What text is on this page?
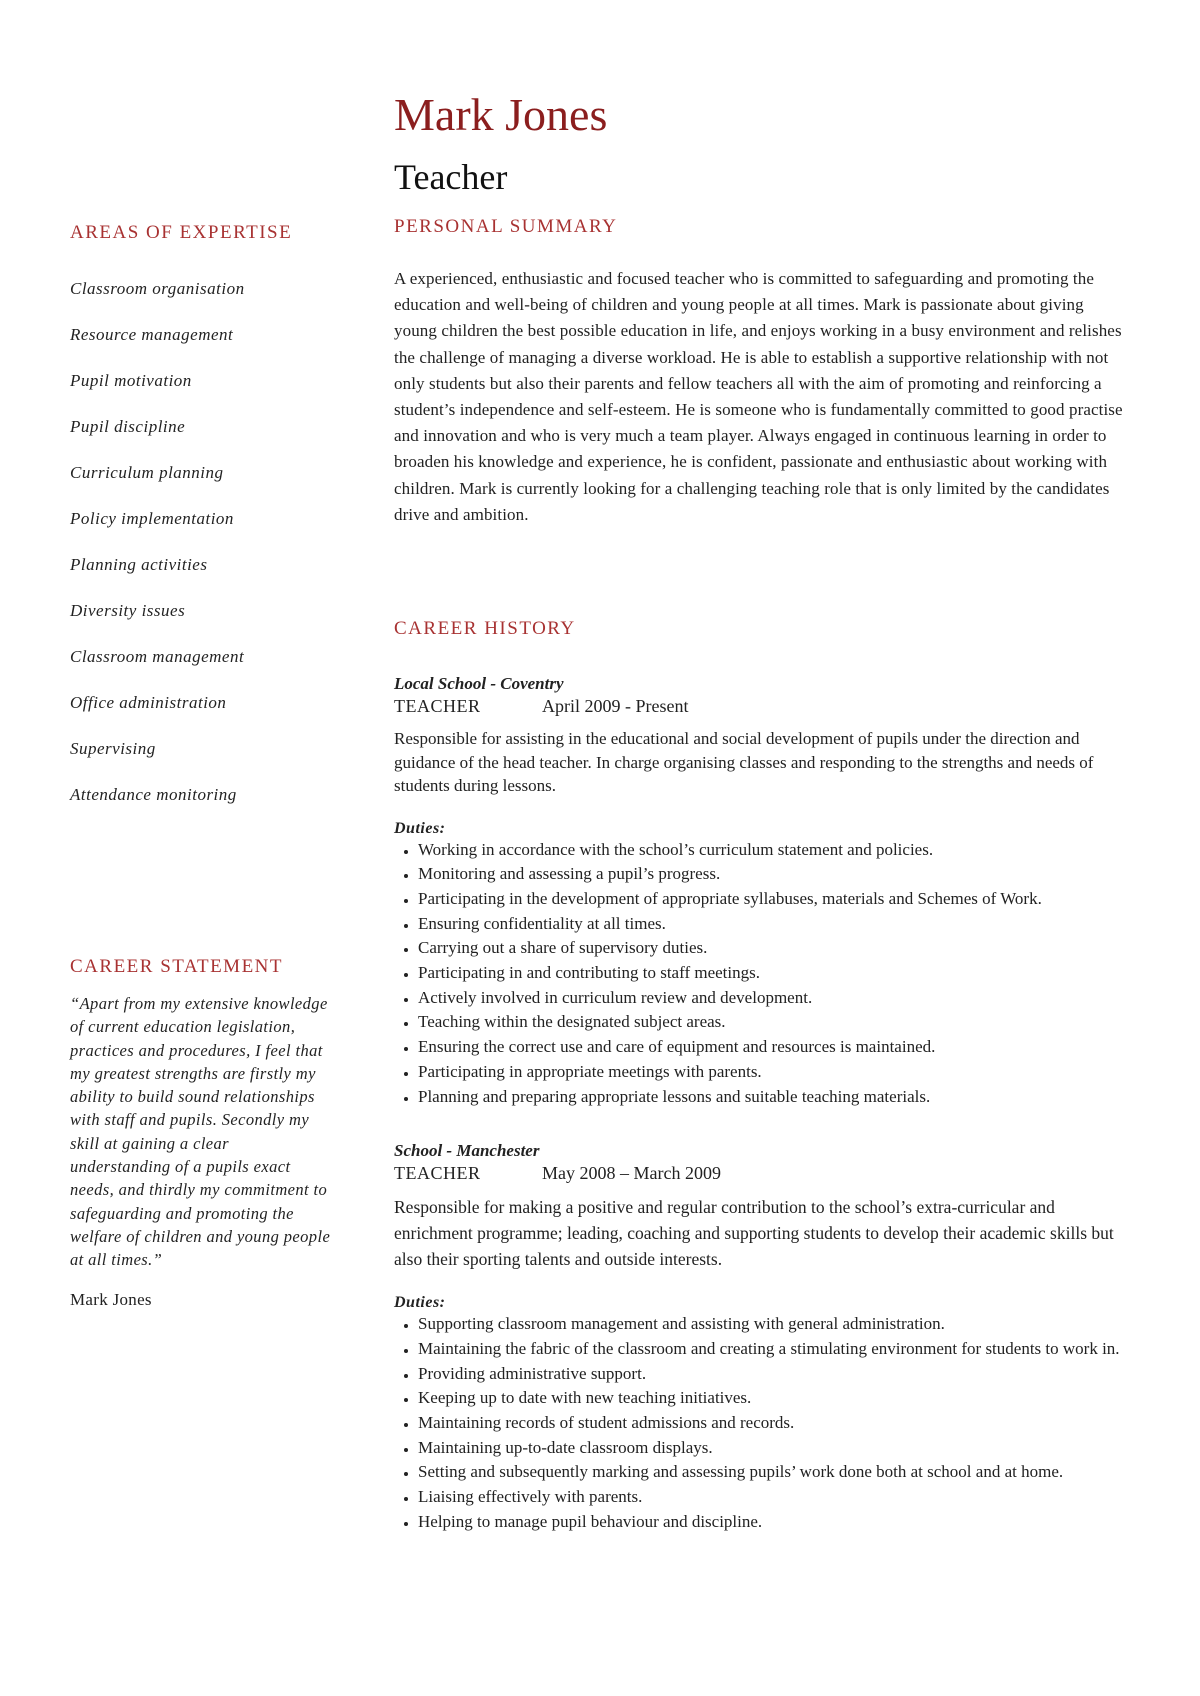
Mark Jones
Teacher
AREAS OF EXPERTISE
Classroom organisation
Resource management
Pupil motivation
Pupil discipline
Curriculum planning
Policy implementation
Planning activities
Diversity issues
Classroom management
Office administration
Supervising
Attendance monitoring
CAREER STATEMENT

“Apart from my extensive knowledge of current education legislation, practices and procedures, I feel that my greatest strengths are firstly my ability to build sound relationships with staff and pupils. Secondly my skill at gaining a clear understanding of a pupils exact needs, and thirdly my commitment to safeguarding and promoting the welfare of children and young people at all times.”

Mark Jones
PERSONAL SUMMARY

A experienced, enthusiastic and focused teacher who is committed to safeguarding and promoting the education and well-being of children and young people at all times. Mark is passionate about giving young children the best possible education in life, and enjoys working in a busy environment and relishes the challenge of managing a diverse workload. He is able to establish a supportive relationship with not only students but also their parents and fellow teachers all with the aim of promoting and reinforcing a student’s independence and self-esteem. He is someone who is fundamentally committed to good practise and innovation and who is very much a team player. Always engaged in continuous learning in order to broaden his knowledge and experience, he is confident, passionate and enthusiastic about working with children. Mark is currently looking for a challenging teaching role that is only limited by the candidates drive and ambition.

CAREER HISTORY
Local School - Coventry
TEACHER	April 2009 - Present

Responsible for assisting in the educational and social development of pupils under the direction and guidance of the head teacher. In charge organising classes and responding to the strengths and needs of students during lessons.

Duties:
• Working in accordance with the school’s curriculum statement and policies.
• Monitoring and assessing a pupil’s progress.
• Participating in the development of appropriate syllabuses, materials and Schemes of Work.
• Ensuring confidentiality at all times.
• Carrying out a share of supervisory duties.
• Participating in and contributing to staff meetings.
• Actively involved in curriculum review and development.
• Teaching within the designated subject areas.
• Ensuring the correct use and care of equipment and resources is maintained.
• Participating in appropriate meetings with parents.
• Planning and preparing appropriate lessons and suitable teaching materials.
School - Manchester
TEACHER	May 2008 – March 2009

Responsible for making a positive and regular contribution to the school’s extra-curricular and enrichment programme; leading, coaching and supporting students to develop their academic skills but also their sporting talents and outside interests.

Duties:
• Supporting classroom management and assisting with general administration.
• Maintaining the fabric of the classroom and creating a stimulating environment for students to work in.
• Providing administrative support.
• Keeping up to date with new teaching initiatives.
• Maintaining records of student admissions and records.
• Maintaining up-to-date classroom displays.
• Setting and subsequently marking and assessing pupils’ work done both at school and at home.
• Liaising effectively with parents.
• Helping to manage pupil behaviour and discipline.
